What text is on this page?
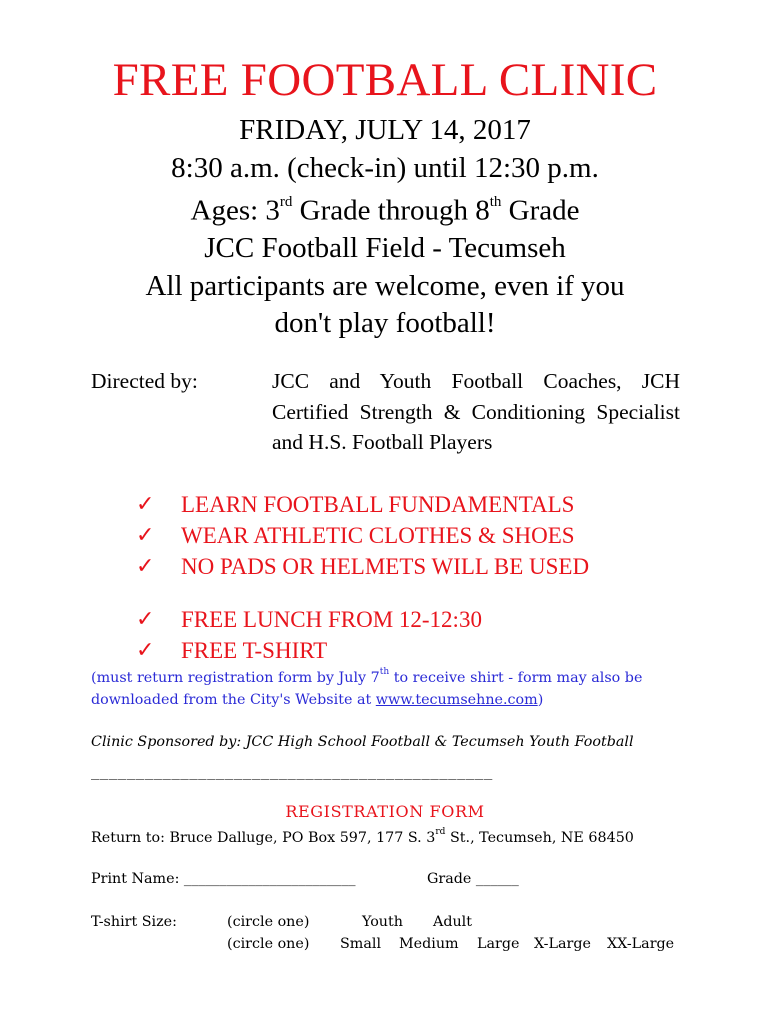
FREE FOOTBALL CLINIC
FRIDAY, JULY 14, 2017
8:30 a.m. (check-in) until 12:30 p.m.
Ages: 3rd Grade through 8th Grade
JCC Football Field - Tecumseh
All participants are welcome, even if you
don't play football!
Directed by:	JCC and Youth Football Coaches, JCH Certified Strength & Conditioning Specialist and H.S. Football Players
✓	LEARN FOOTBALL FUNDAMENTALS
✓	WEAR ATHLETIC CLOTHES & SHOES
✓	NO PADS OR HELMETS WILL BE USED
✓	FREE LUNCH FROM 12-12:30
✓	FREE T-SHIRT
(must return registration form by July 7th to receive shirt - form may also be downloaded from the City's Website at www.tecumsehne.com)
Clinic Sponsored by: JCC High School Football & Tecumseh Youth Football
_____________________________________________
REGISTRATION FORM
Return to: Bruce Dalluge, PO Box 597, 177 S. 3rd St., Tecumseh, NE 68450
Print Name: ________________________	Grade ______
T-shirt Size:	(circle one)	Youth Adult
(circle one) Small Medium Large X-Large XX-Large
